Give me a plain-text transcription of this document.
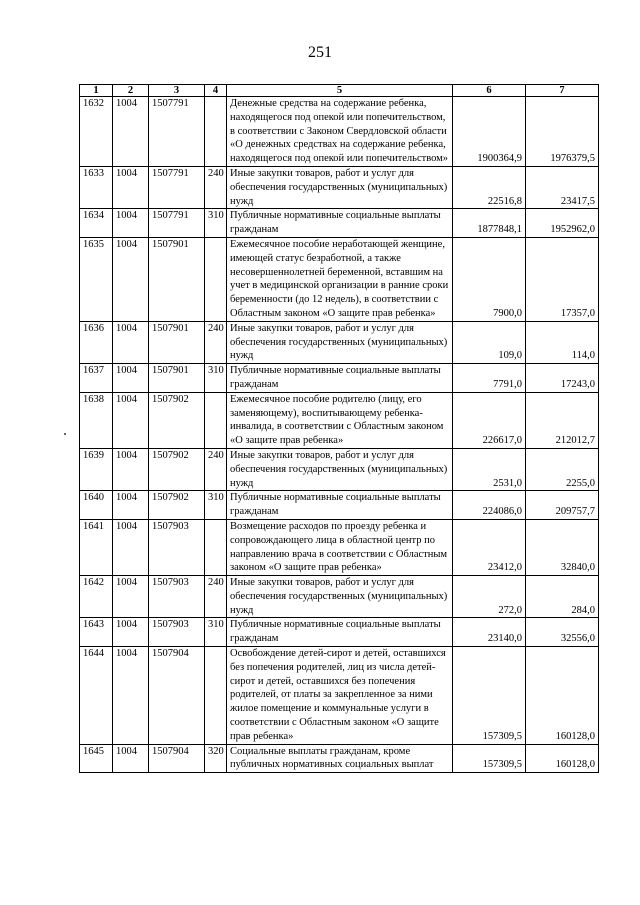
251
1	2	3	4	5	6	7
1632	1004	1507791		Денежные средства на содержание ребенка, находящегося под опекой или попечительством, в соответствии с Законом Свердловской области «О денежных средствах на содержание ребенка, находящегося под опекой или попечительством»	1900364,9	1976379,5
1633	1004	1507791	240	Иные закупки товаров, работ и услуг для обеспечения государственных (муниципальных) нужд	22516,8	23417,5
1634	1004	1507791	310	Публичные нормативные социальные выплаты гражданам	1877848,1	1952962,0
1635	1004	1507901		Ежемесячное пособие неработающей женщине, имеющей статус безработной, а также несовершеннолетней беременной, вставшим на учет в медицинской организации в ранние сроки беременности (до 12 недель), в соответствии с Областным законом «О защите прав ребенка»	7900,0	17357,0
1636	1004	1507901	240	Иные закупки товаров, работ и услуг для обеспечения государственных (муниципальных) нужд	109,0	114,0
1637	1004	1507901	310	Публичные нормативные социальные выплаты гражданам	7791,0	17243,0
1638	1004	1507902		Ежемесячное пособие родителю (лицу, его заменяющему), воспитывающему ребенка-инвалида, в соответствии с Областным законом «О защите прав ребенка»	226617,0	212012,7
1639	1004	1507902	240	Иные закупки товаров, работ и услуг для обеспечения государственных (муниципальных) нужд	2531,0	2255,0
1640	1004	1507902	310	Публичные нормативные социальные выплаты гражданам	224086,0	209757,7
1641	1004	1507903		Возмещение расходов по проезду ребенка и сопровождающего лица в областной центр по направлению врача в соответствии с Областным законом «О защите прав ребенка»	23412,0	32840,0
1642	1004	1507903	240	Иные закупки товаров, работ и услуг для обеспечения государственных (муниципальных) нужд	272,0	284,0
1643	1004	1507903	310	Публичные нормативные социальные выплаты гражданам	23140,0	32556,0
1644	1004	1507904		Освобождение детей-сирот и детей, оставшихся без попечения родителей, лиц из числа детей-сирот и детей, оставшихся без попечения родителей, от платы за закрепленное за ними жилое помещение и коммунальные услуги в соответствии с Областным законом «О защите прав ребенка»	157309,5	160128,0
1645	1004	1507904	320	Социальные выплаты гражданам, кроме публичных нормативных социальных выплат	157309,5	160128,0
